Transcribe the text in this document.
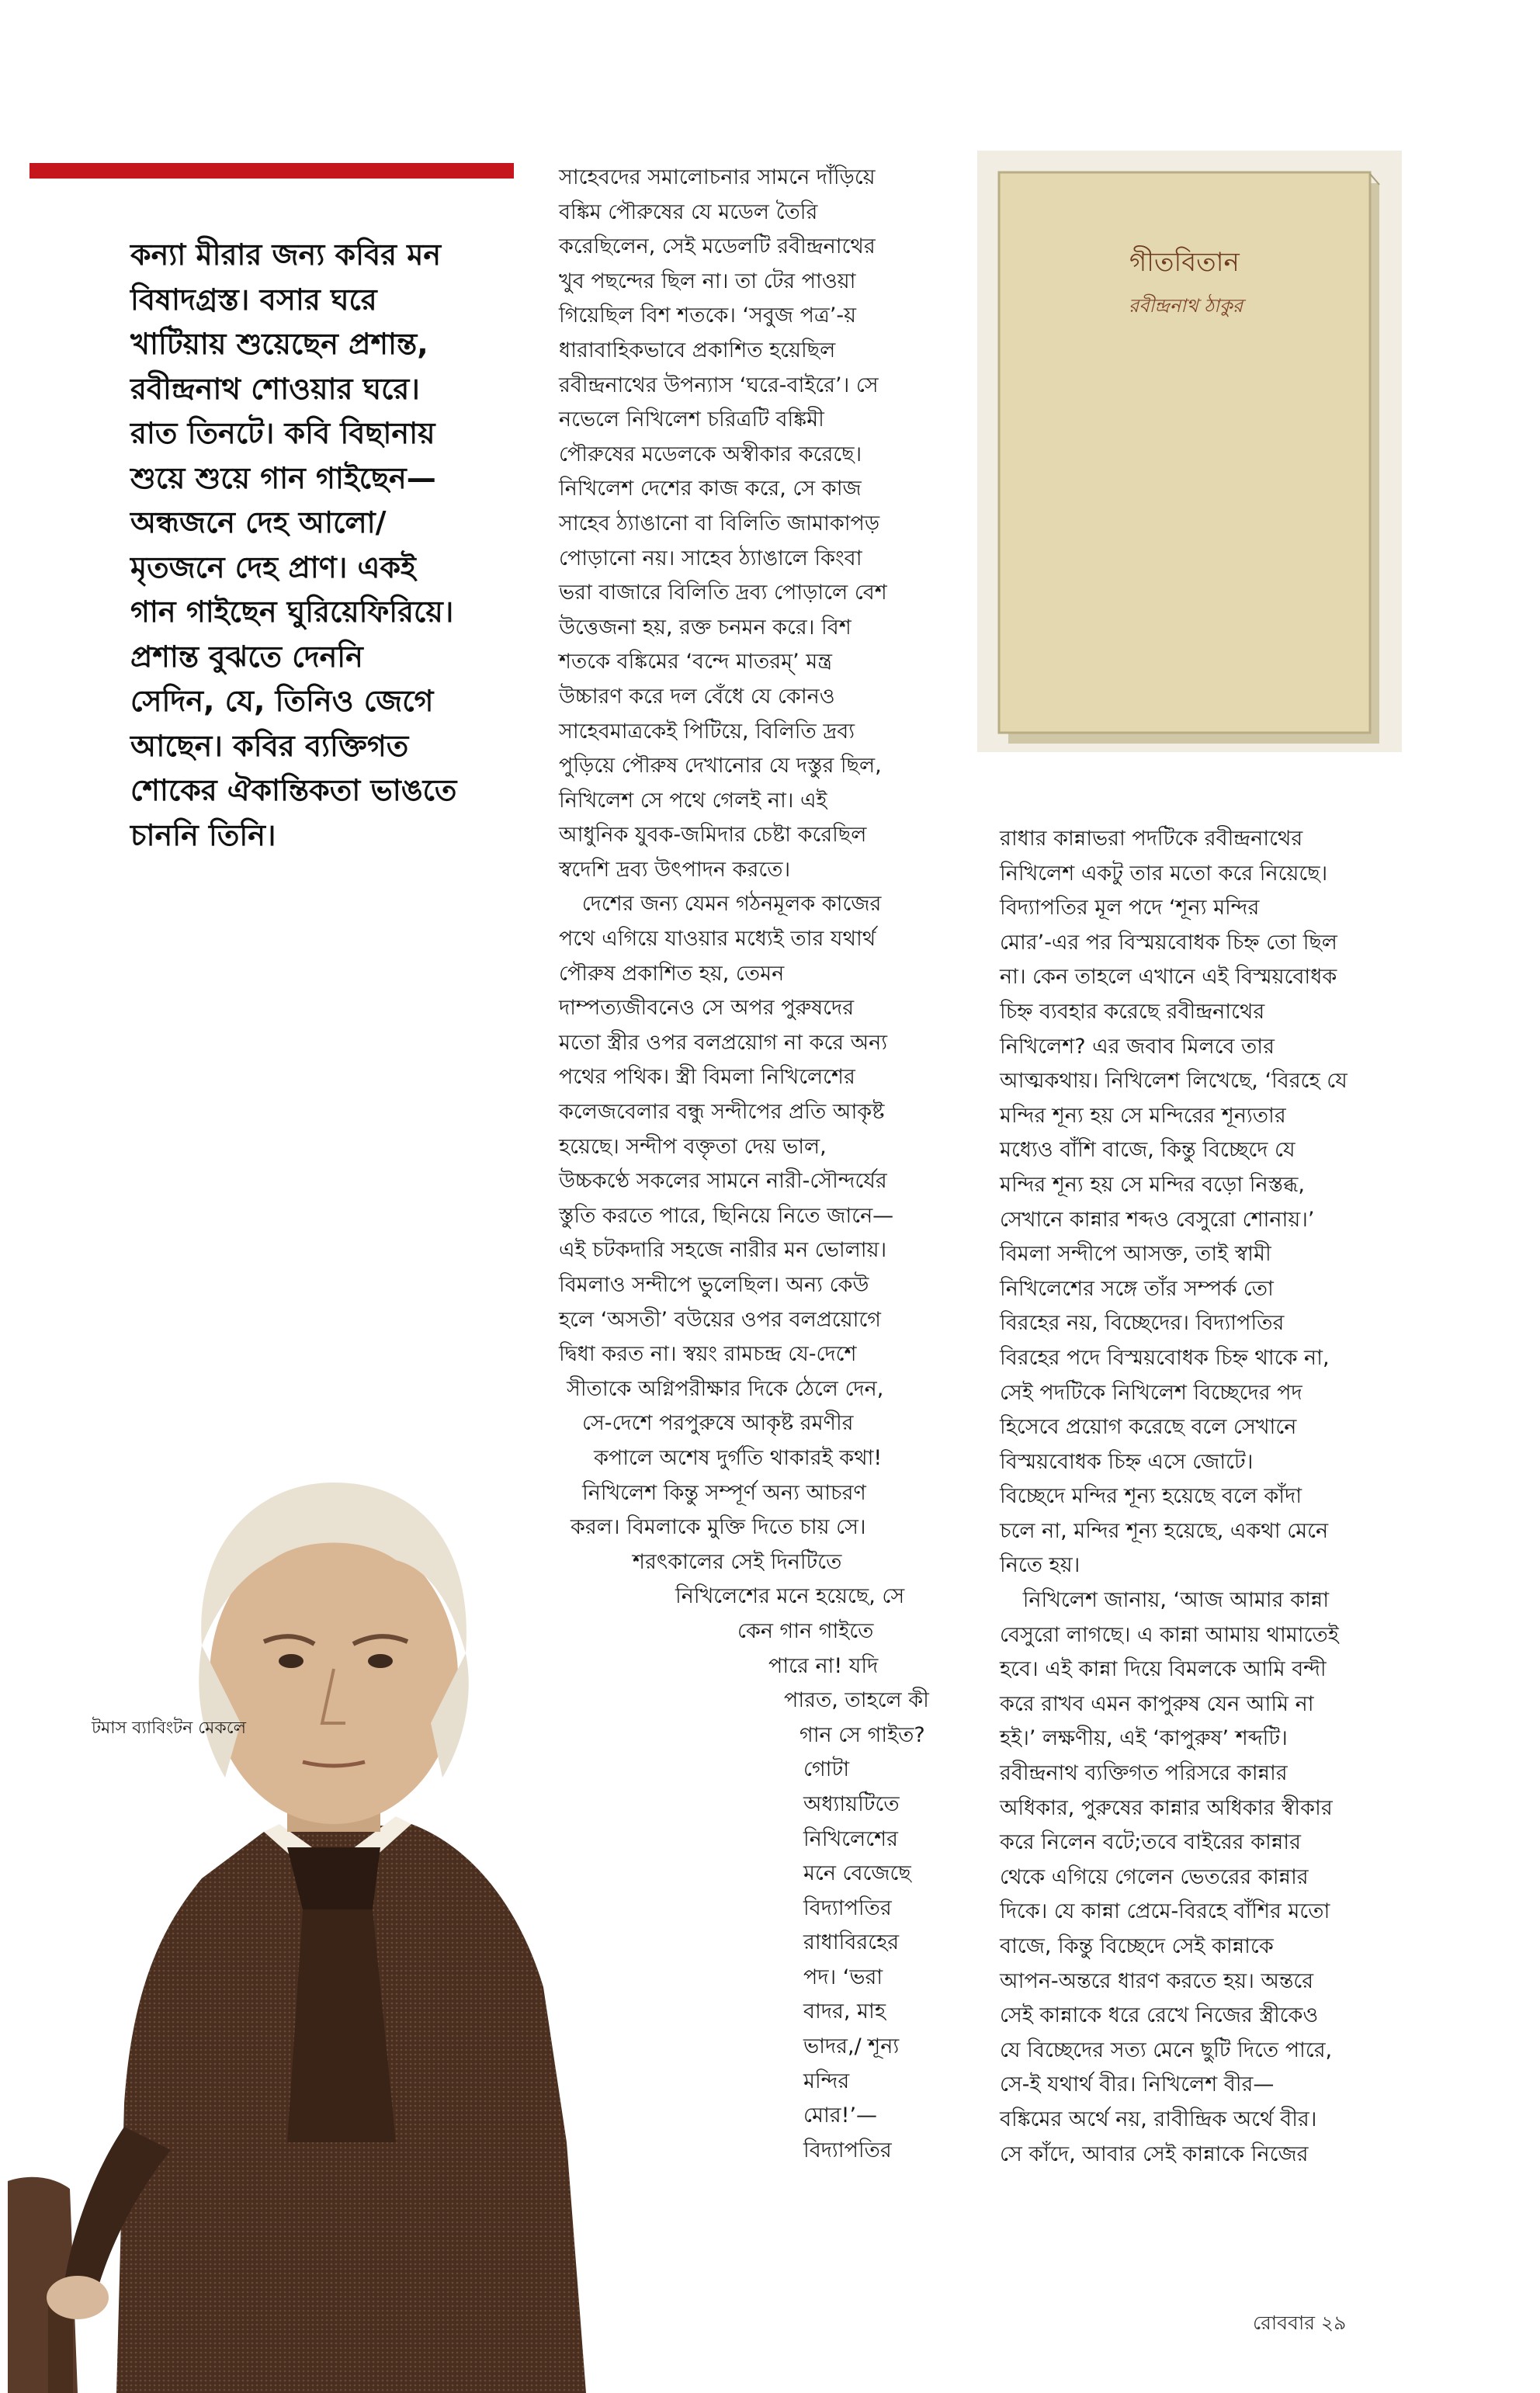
কন্যা মীরার জন্য কবির মন
বিষাদগ্রস্ত। বসার ঘরে
খাটিয়ায় শুয়েছেন প্রশান্ত,
রবীন্দ্রনাথ শোওয়ার ঘরে।
রাত তিনটে। কবি বিছানায়
শুয়ে শুয়ে গান গাইছেন—
অন্ধজনে দেহ আলো/
মৃতজনে দেহ প্রাণ। একই
গান গাইছেন ঘুরিয়েফিরিয়ে।
প্রশান্ত বুঝতে দেননি
সেদিন, যে, তিনিও জেগে
আছেন। কবির ব্যক্তিগত
শোকের ঐকান্তিকতা ভাঙতে
চাননি তিনি।
গীতবিতান
রবীন্দ্রনাথ ঠাকুর
সাহেবদের সমালোচনার সামনে দাঁড়িয়ে
বঙ্কিম পৌরুষের যে মডেল তৈরি
করেছিলেন, সেই মডেলটি রবীন্দ্রনাথের
খুব পছন্দের ছিল না। তা টের পাওয়া
গিয়েছিল বিশ শতকে। ‘সবুজ পত্র’-য়
ধারাবাহিকভাবে প্রকাশিত হয়েছিল
রবীন্দ্রনাথের উপন্যাস ‘ঘরে-বাইরে’। সে
নভেলে নিখিলেশ চরিত্রটি বঙ্কিমী
পৌরুষের মডেলকে অস্বীকার করেছে।
নিখিলেশ দেশের কাজ করে, সে কাজ
সাহেব ঠ্যাঙানো বা বিলিতি জামাকাপড়
পোড়ানো নয়। সাহেব ঠ্যাঙালে কিংবা
ভরা বাজারে বিলিতি দ্রব্য পোড়ালে বেশ
উত্তেজনা হয়, রক্ত চনমন করে। বিশ
শতকে বঙ্কিমের ‘বন্দে মাতরম্’ মন্ত্র
উচ্চারণ করে দল বেঁধে যে কোনও
সাহেবমাত্রকেই পিটিয়ে, বিলিতি দ্রব্য
পুড়িয়ে পৌরুষ দেখানোর যে দস্তুর ছিল,
নিখিলেশ সে পথে গেলই না। এই
আধুনিক যুবক-জমিদার চেষ্টা করেছিল
স্বদেশি দ্রব্য উৎপাদন করতে।
দেশের জন্য যেমন গঠনমূলক কাজের
পথে এগিয়ে যাওয়ার মধ্যেই তার যথার্থ
পৌরুষ প্রকাশিত হয়, তেমন
দাম্পত্যজীবনেও সে অপর পুরুষদের
মতো স্ত্রীর ওপর বলপ্রয়োগ না করে অন্য
পথের পথিক। স্ত্রী বিমলা নিখিলেশের
কলেজবেলার বন্ধু সন্দীপের প্রতি আকৃষ্ট
হয়েছে। সন্দীপ বক্তৃতা দেয় ভাল,
উচ্চকণ্ঠে সকলের সামনে নারী-সৌন্দর্যের
স্তুতি করতে পারে, ছিনিয়ে নিতে জানে—
এই চটকদারি সহজে নারীর মন ভোলায়।
বিমলাও সন্দীপে ভুলেছিল। অন্য কেউ
হলে ‘অসতী’ বউয়ের ওপর বলপ্রয়োগে
দ্বিধা করত না। স্বয়ং রামচন্দ্র যে-দেশে
সীতাকে অগ্নিপরীক্ষার দিকে ঠেলে দেন,
সে-দেশে পরপুরুষে আকৃষ্ট রমণীর
কপালে অশেষ দুর্গতি থাকারই কথা!
নিখিলেশ কিন্তু সম্পূর্ণ অন্য আচরণ
করল। বিমলাকে মুক্তি দিতে চায় সে।
শরৎকালের সেই দিনটিতে
নিখিলেশের মনে হয়েছে, সে
কেন গান গাইতে
পারে না! যদি
পারত, তাহলে কী
গান সে গাইত?
গোটা
অধ্যায়টিতে
নিখিলেশের
মনে বেজেছে
বিদ্যাপতির
রাধাবিরহের
পদ। ‘ভরা
বাদর, মাহ
ভাদর,/ শূন্য
মন্দির
মোর!’—
বিদ্যাপতির
রাধার কান্নাভরা পদটিকে রবীন্দ্রনাথের
নিখিলেশ একটু তার মতো করে নিয়েছে।
বিদ্যাপতির মূল পদে ‘শূন্য মন্দির
মোর’-এর পর বিস্ময়বোধক চিহ্ন তো ছিল
না। কেন তাহলে এখানে এই বিস্ময়বোধক
চিহ্ন ব্যবহার করেছে রবীন্দ্রনাথের
নিখিলেশ? এর জবাব মিলবে তার
আত্মকথায়। নিখিলেশ লিখেছে, ‘বিরহে যে
মন্দির শূন্য হয় সে মন্দিরের শূন্যতার
মধ্যেও বাঁশি বাজে, কিন্তু বিচ্ছেদে যে
মন্দির শূন্য হয় সে মন্দির বড়ো নিস্তব্ধ,
সেখানে কান্নার শব্দও বেসুরো শোনায়।’
বিমলা সন্দীপে আসক্ত, তাই স্বামী
নিখিলেশের সঙ্গে তাঁর সম্পর্ক তো
বিরহের নয়, বিচ্ছেদের। বিদ্যাপতির
বিরহের পদে বিস্ময়বোধক চিহ্ন থাকে না,
সেই পদটিকে নিখিলেশ বিচ্ছেদের পদ
হিসেবে প্রয়োগ করেছে বলে সেখানে
বিস্ময়বোধক চিহ্ন এসে জোটে।
বিচ্ছেদে মন্দির শূন্য হয়েছে বলে কাঁদা
চলে না, মন্দির শূন্য হয়েছে, একথা মেনে
নিতে হয়।
নিখিলেশ জানায়, ‘আজ আমার কান্না
বেসুরো লাগছে। এ কান্না আমায় থামাতেই
হবে। এই কান্না দিয়ে বিমলকে আমি বন্দী
করে রাখব এমন কাপুরুষ যেন আমি না
হই।’ লক্ষণীয়, এই ‘কাপুরুষ’ শব্দটি।
রবীন্দ্রনাথ ব্যক্তিগত পরিসরে কান্নার
অধিকার, পুরুষের কান্নার অধিকার স্বীকার
করে নিলেন বটে;তবে বাইরের কান্নার
থেকে এগিয়ে গেলেন ভেতরের কান্নার
দিকে। যে কান্না প্রেমে-বিরহে বাঁশির মতো
বাজে, কিন্তু বিচ্ছেদে সেই কান্নাকে
আপন-অন্তরে ধারণ করতে হয়। অন্তরে
সেই কান্নাকে ধরে রেখে নিজের স্ত্রীকেও
যে বিচ্ছেদের সত্য মেনে ছুটি দিতে পারে,
সে-ই যথার্থ বীর। নিখিলেশ বীর—
বঙ্কিমের অর্থে নয়, রাবীন্দ্রিক অর্থে বীর।
সে কাঁদে, আবার সেই কান্নাকে নিজের

টমাস ব্যাবিংটন মেকলে

রোববার ২৯
